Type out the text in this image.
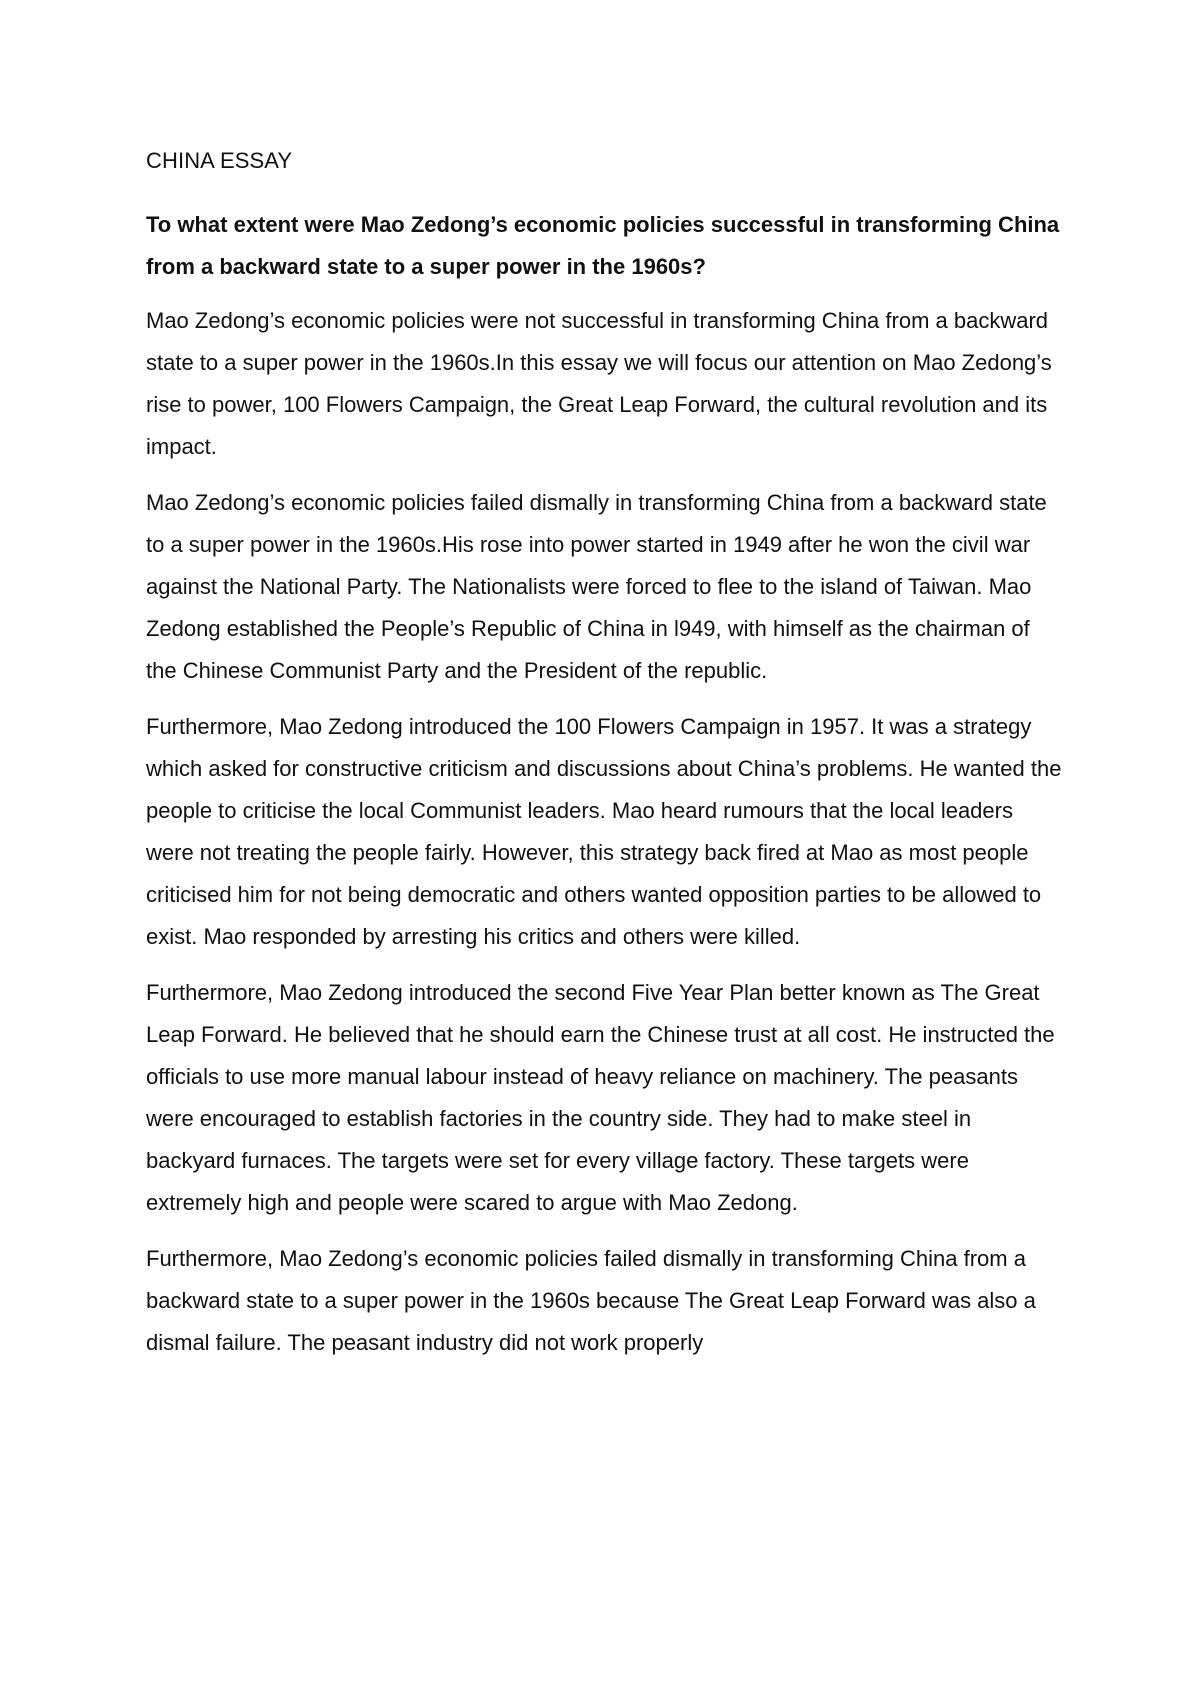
CHINA ESSAY
To what extent were Mao Zedong’s economic policies successful in transforming China from a backward state to a super power in the 1960s?

Mao Zedong’s economic policies were not successful in transforming China from a backward state to a super power in the 1960s.In this essay we will focus our attention on Mao Zedong’s rise to power, 100 Flowers Campaign, the Great Leap Forward, the cultural revolution and its impact.

Mao Zedong’s economic policies failed dismally in transforming China from a backward state to a super power in the 1960s.His rose into power started in 1949 after he won the civil war against the National Party. The Nationalists were forced to flee to the island of Taiwan. Mao Zedong established the People’s Republic of China in l949, with himself as the chairman of the Chinese Communist Party and the President of the republic.

Furthermore, Mao Zedong introduced the 100 Flowers Campaign in 1957. It was a strategy which asked for constructive criticism and discussions about China’s problems. He wanted the people to criticise the local Communist leaders. Mao heard rumours that the local leaders were not treating the people fairly. However, this strategy back fired at Mao as most people criticised him for not being democratic and others wanted opposition parties to be allowed to exist. Mao responded by arresting his critics and others were killed.

Furthermore, Mao Zedong introduced the second Five Year Plan better known as The Great Leap Forward. He believed that he should earn the Chinese trust at all cost. He instructed the officials to use more manual labour instead of heavy reliance on machinery. The peasants were encouraged to establish factories in the country side. They had to make steel in backyard furnaces. The targets were set for every village factory. These targets were extremely high and people were scared to argue with Mao Zedong.

Furthermore, Mao Zedong’s economic policies failed dismally in transforming China from a backward state to a super power in the 1960s because The Great Leap Forward was also a dismal failure. The peasant industry did not work properly
